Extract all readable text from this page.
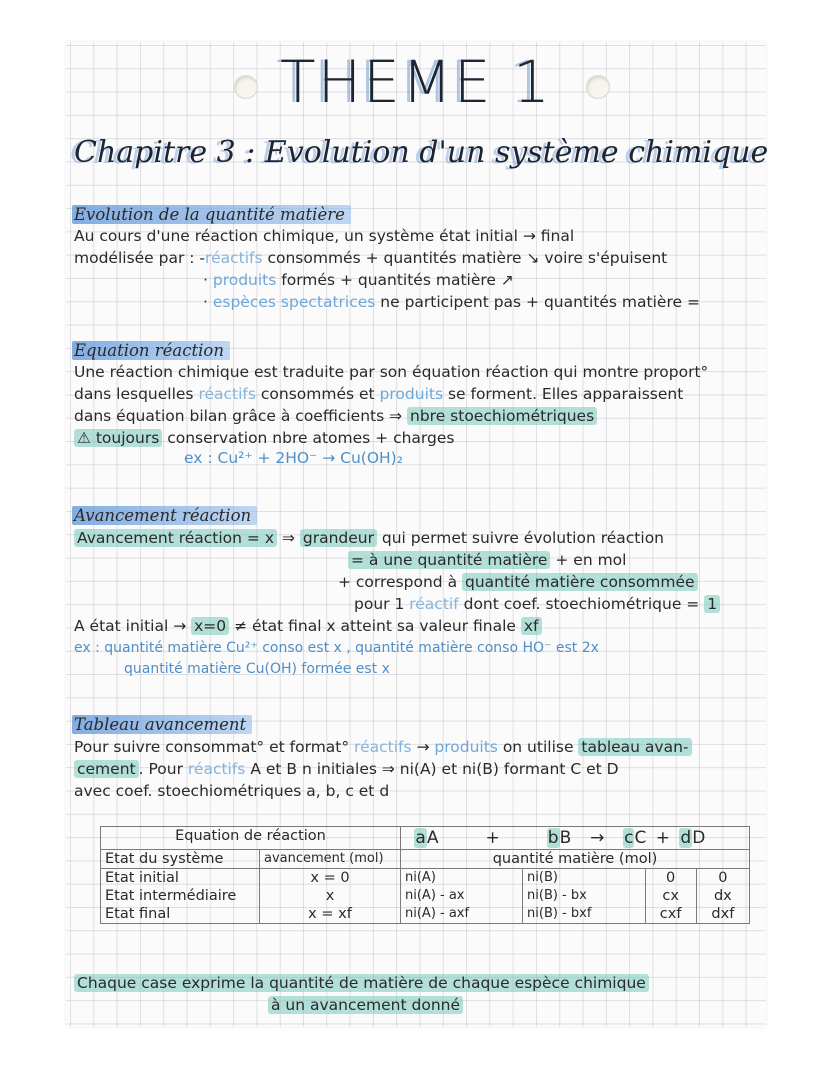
THEME 1
Chapitre 3 : Evolution d'un système chimique
Evolution de la quantité matière
Au cours d'une réaction chimique, un système état initial → final
modélisée par : -réactifs consommés + quantités matière ↘ voire s'épuisent
· produits formés + quantités matière ↗
· espèces spectatrices ne participent pas + quantités matière =
Equation réaction
Une réaction chimique est traduite par son équation réaction qui montre proport°
dans lesquelles réactifs consommés et produits se forment. Elles apparaissent
dans équation bilan grâce à coefficients ⇒ nbre stoechiométriques
⚠ toujours conservation nbre atomes + charges
ex : Cu²⁺ + 2HO⁻ → Cu(OH)₂
Avancement réaction
Avancement réaction = x ⇒ grandeur qui permet suivre évolution réaction
= à une quantité matière + en mol
+ correspond à quantité matière consommée
pour 1 réactif dont coef. stoechiométrique = 1
A état initial → x=0 ≠ état final x atteint sa valeur finale xf
ex : quantité matière Cu²⁺ conso est x , quantité matière conso HO⁻ est 2x
quantité matière Cu(OH) formée est x
Tableau avancement
Pour suivre consommat° et format° réactifs → produits on utilise tableau avan-
cement . Pour réactifs A et B n initiales ⇒ ni(A) et ni(B) formant C et D
avec coef. stoechiométriques a, b, c et d
Equation de réaction		aA + bB → cC + dD			
Etat du système	avancement (mol)	quantité matière (mol)			
Etat initial	x = 0	ni(A)	ni(B)	0	0
Etat intermédiaire	x	ni(A) - ax	ni(B) - bx	cx	dx
Etat final	x = xf	ni(A) - axf	ni(B) - bxf	cxf	dxf
Chaque case exprime la quantité de matière de chaque espèce chimique
à un avancement donné
